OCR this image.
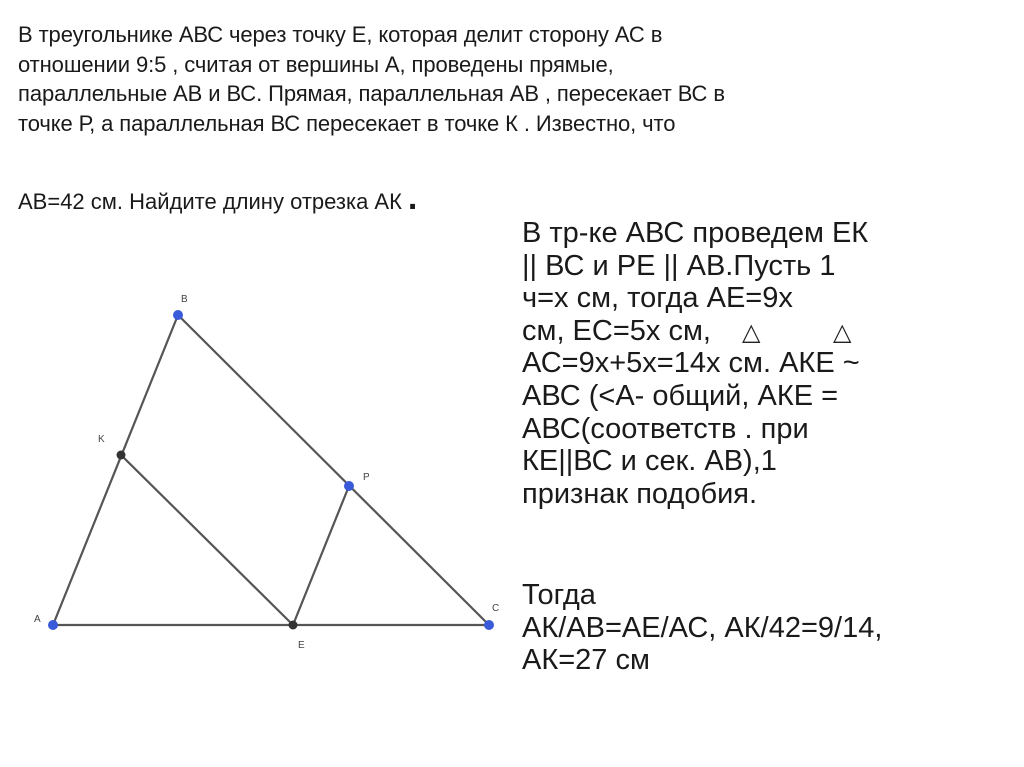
В треугольнике АВС через точку Е, которая делит сторону АС в
отношении 9:5 , считая от вершины А, проведены прямые,
параллельные АВ и ВС. Прямая, параллельная АВ , пересекает ВС в
точке Р, а параллельная ВС пересекает в точке К . Известно, что
АВ=42 см. Найдите длину отрезка АК .
В тр-ке АВС проведем ЕК
|| ВС и РЕ || АВ.Пусть 1
ч=х см, тогда АЕ=9х
см, ЕС=5х см,
АС=9х+5х=14х см. АКЕ ~
АВС (<А- общий, АКЕ =
АВС(соответств . при
КЕ||ВС и сек. АВ),1
признак подобия.
Тогда
АК/АВ=АЕ/АС, АК/42=9/14,
АК=27 см
△	△
A
B
C
K
P
E
